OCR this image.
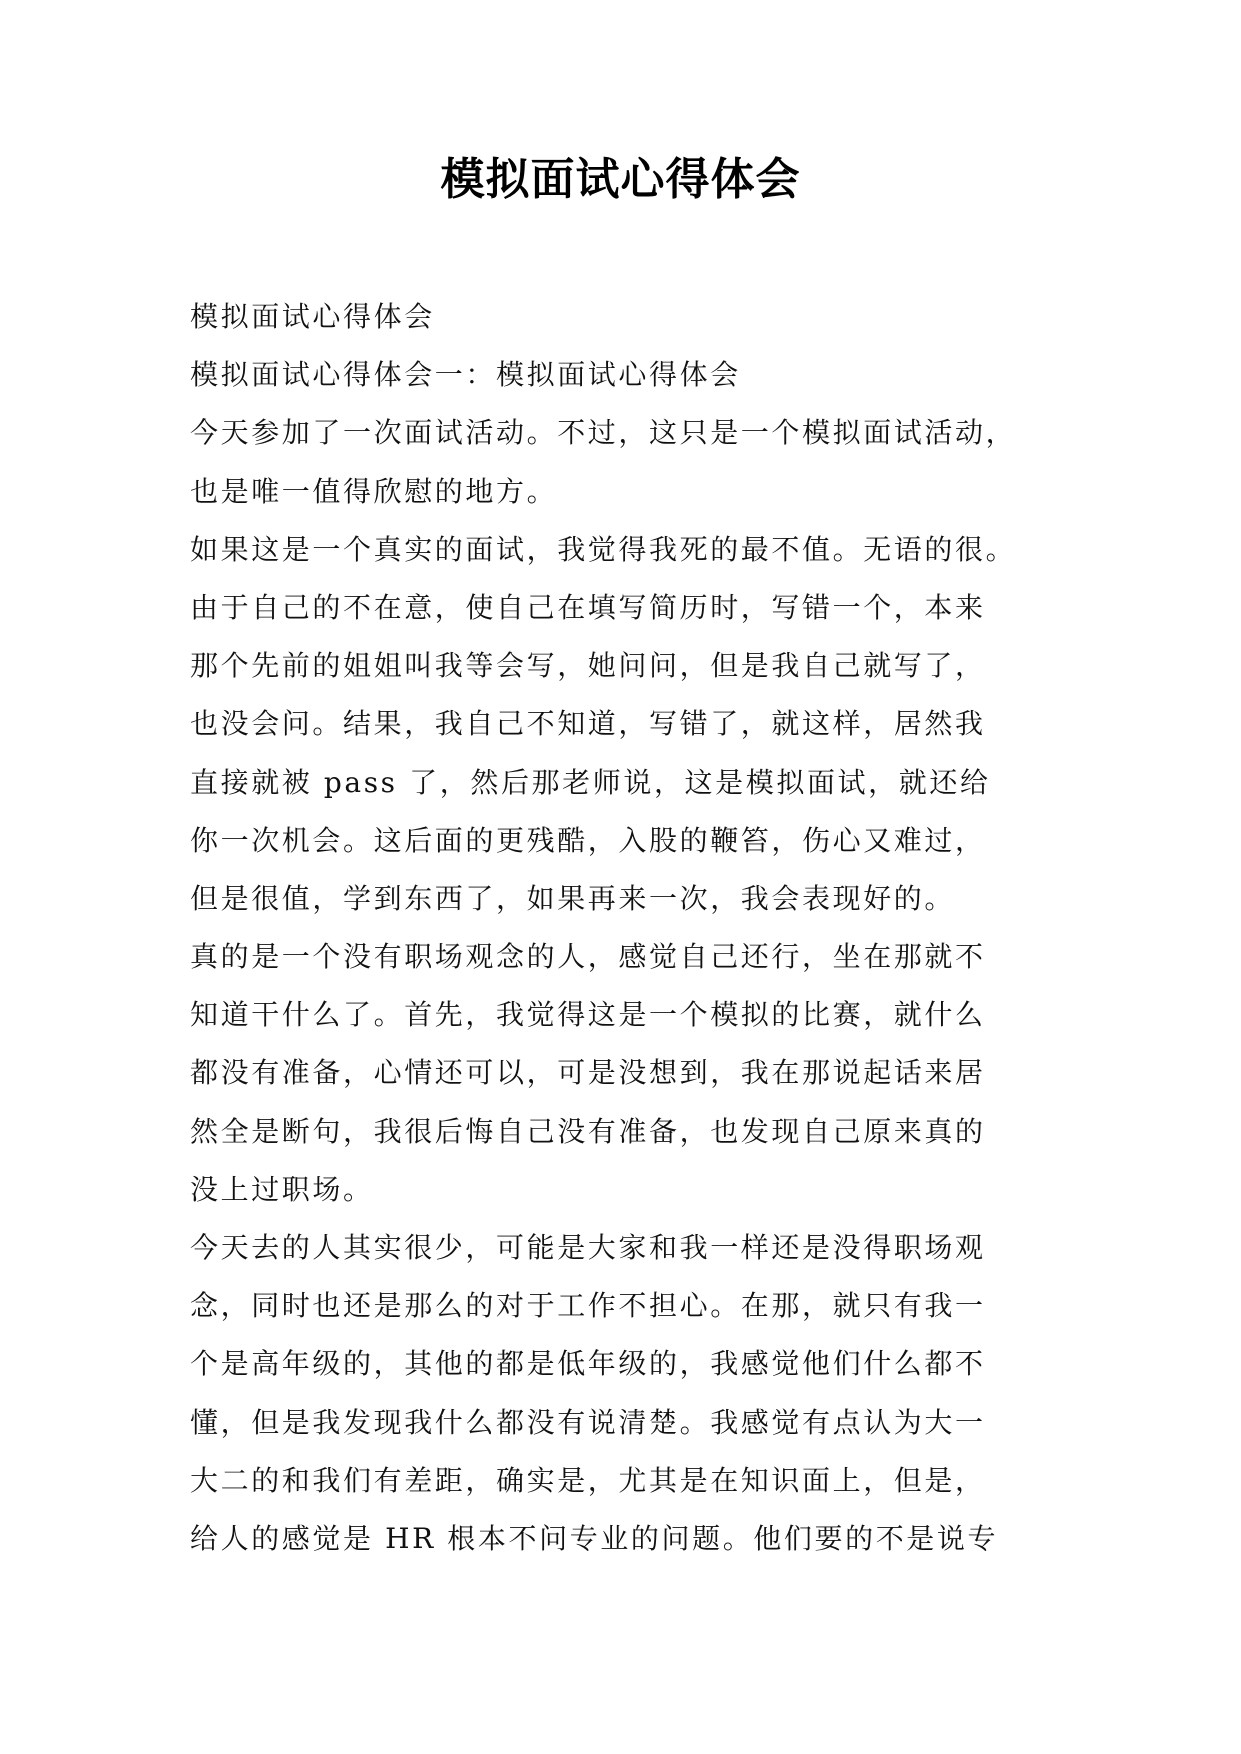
模拟面试心得体会
模拟面试心得体会
模拟面试心得体会一：模拟面试心得体会
今天参加了一次面试活动。不过，这只是一个模拟面试活动，
也是唯一值得欣慰的地方。
如果这是一个真实的面试，我觉得我死的最不值。无语的很。
由于自己的不在意，使自己在填写简历时，写错一个，本来
那个先前的姐姐叫我等会写，她问问，但是我自己就写了，
也没会问。结果，我自己不知道，写错了，就这样，居然我
直接就被 pass 了，然后那老师说，这是模拟面试，就还给
你一次机会。这后面的更残酷，入股的鞭笞，伤心又难过，
但是很值，学到东西了，如果再来一次，我会表现好的。
真的是一个没有职场观念的人，感觉自己还行，坐在那就不
知道干什么了。首先，我觉得这是一个模拟的比赛，就什么
都没有准备，心情还可以，可是没想到，我在那说起话来居
然全是断句，我很后悔自己没有准备，也发现自己原来真的
没上过职场。
今天去的人其实很少，可能是大家和我一样还是没得职场观
念，同时也还是那么的对于工作不担心。在那，就只有我一
个是高年级的，其他的都是低年级的，我感觉他们什么都不
懂，但是我发现我什么都没有说清楚。我感觉有点认为大一
大二的和我们有差距，确实是，尤其是在知识面上，但是，
给人的感觉是 HR 根本不问专业的问题。他们要的不是说专
